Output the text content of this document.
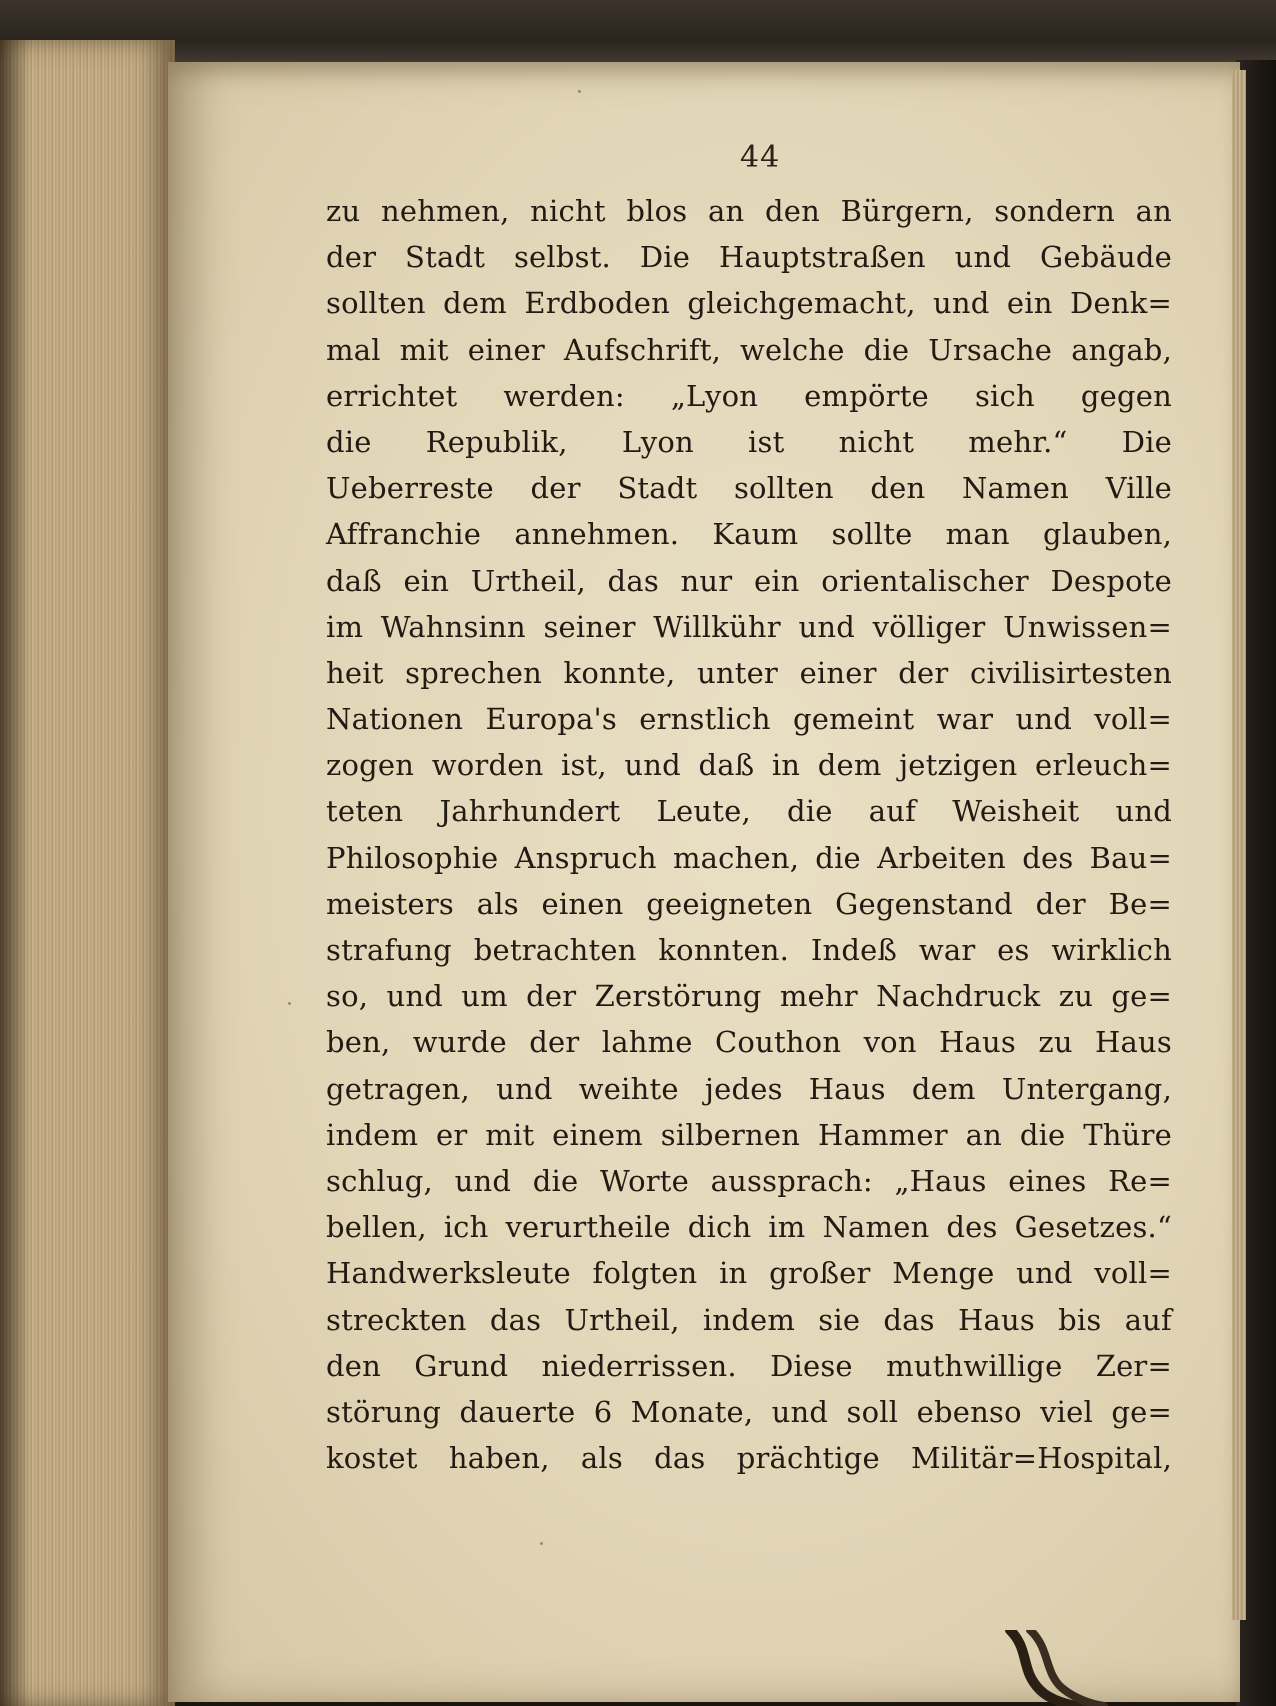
44
zu nehmen, nicht blos an den Bürgern, sondern an
der Stadt selbst. Die Hauptstraßen und Gebäude
sollten dem Erdboden gleichgemacht, und ein Denk=
mal mit einer Aufschrift, welche die Ursache angab,
errichtet werden: „Lyon empörte sich gegen
die Republik, Lyon ist nicht mehr.“ Die
Ueberreste der Stadt sollten den Namen Ville
Affranchie annehmen. Kaum sollte man glauben,
daß ein Urtheil, das nur ein orientalischer Despote
im Wahnsinn seiner Willkühr und völliger Unwissen=
heit sprechen konnte, unter einer der civilisirtesten
Nationen Europa's ernstlich gemeint war und voll=
zogen worden ist, und daß in dem jetzigen erleuch=
teten Jahrhundert Leute, die auf Weisheit und
Philosophie Anspruch machen, die Arbeiten des Bau=
meisters als einen geeigneten Gegenstand der Be=
strafung betrachten konnten. Indeß war es wirklich
so, und um der Zerstörung mehr Nachdruck zu ge=
ben, wurde der lahme Couthon von Haus zu Haus
getragen, und weihte jedes Haus dem Untergang,
indem er mit einem silbernen Hammer an die Thüre
schlug, und die Worte aussprach: „Haus eines Re=
bellen, ich verurtheile dich im Namen des Gesetzes.“
Handwerksleute folgten in großer Menge und voll=
streckten das Urtheil, indem sie das Haus bis auf
den Grund niederrissen. Diese muthwillige Zer=
störung dauerte 6 Monate, und soll ebenso viel ge=
kostet haben, als das prächtige Militär=Hospital,
